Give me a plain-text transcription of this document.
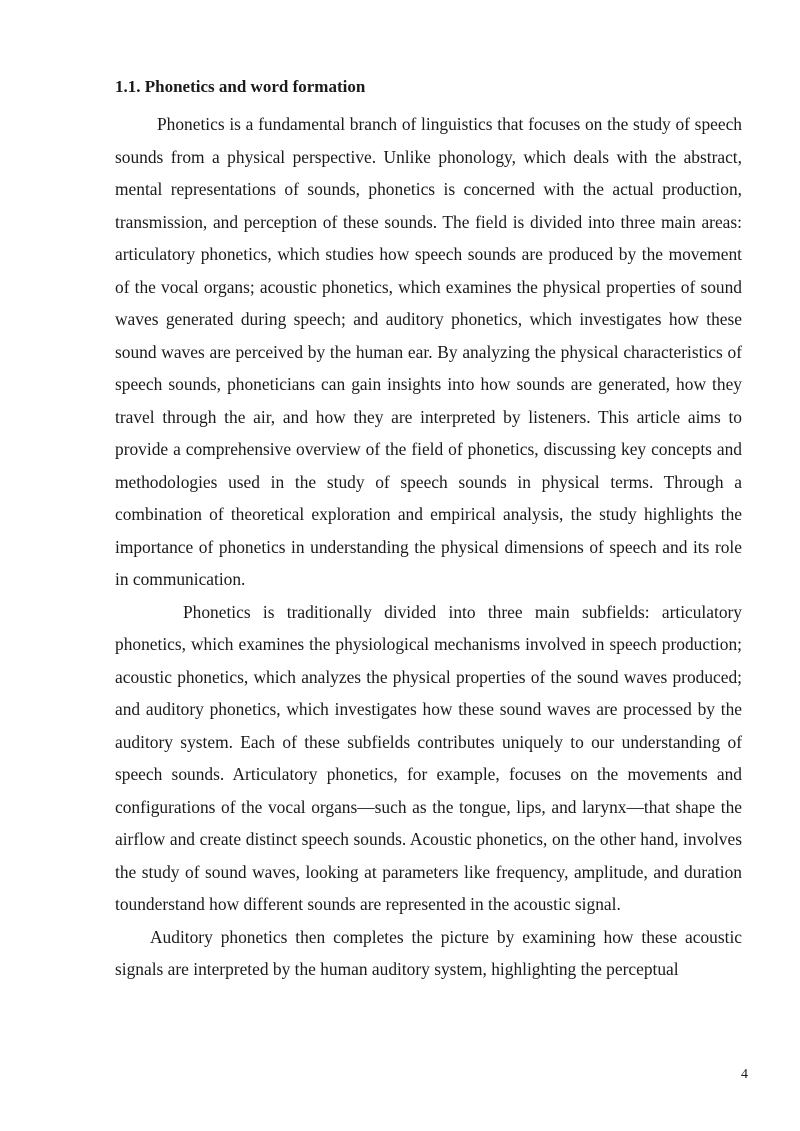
1.1. Phonetics and word formation

Phonetics is a fundamental branch of linguistics that focuses on the study of speech sounds from a physical perspective. Unlike phonology, which deals with the abstract, mental representations of sounds, phonetics is concerned with the actual production, transmission, and perception of these sounds. The field is divided into three main areas: articulatory phonetics, which studies how speech sounds are produced by the movement of the vocal organs; acoustic phonetics, which examines the physical properties of sound waves generated during speech; and auditory phonetics, which investigates how these sound waves are perceived by the human ear. By analyzing the physical characteristics of speech sounds, phoneticians can gain insights into how sounds are generated, how they travel through the air, and how they are interpreted by listeners. This article aims to provide a comprehensive overview of the field of phonetics, discussing key concepts and methodologies used in the study of speech sounds in physical terms. Through a combination of theoretical exploration and empirical analysis, the study highlights the importance of phonetics in understanding the physical dimensions of speech and its role in communication.

Phonetics is traditionally divided into three main subfields: articulatory phonetics, which examines the physiological mechanisms involved in speech production; acoustic phonetics, which analyzes the physical properties of the sound waves produced; and auditory phonetics, which investigates how these sound waves are processed by the auditory system. Each of these subfields contributes uniquely to our understanding of speech sounds. Articulatory phonetics, for example, focuses on the movements and configurations of the vocal organs—such as the tongue, lips, and larynx—that shape the airflow and create distinct speech sounds. Acoustic phonetics, on the other hand, involves the study of sound waves, looking at parameters like frequency, amplitude, and duration tounderstand how different sounds are represented in the acoustic signal.

Auditory phonetics then completes the picture by examining how these acoustic signals are interpreted by the human auditory system, highlighting the perceptual

4
